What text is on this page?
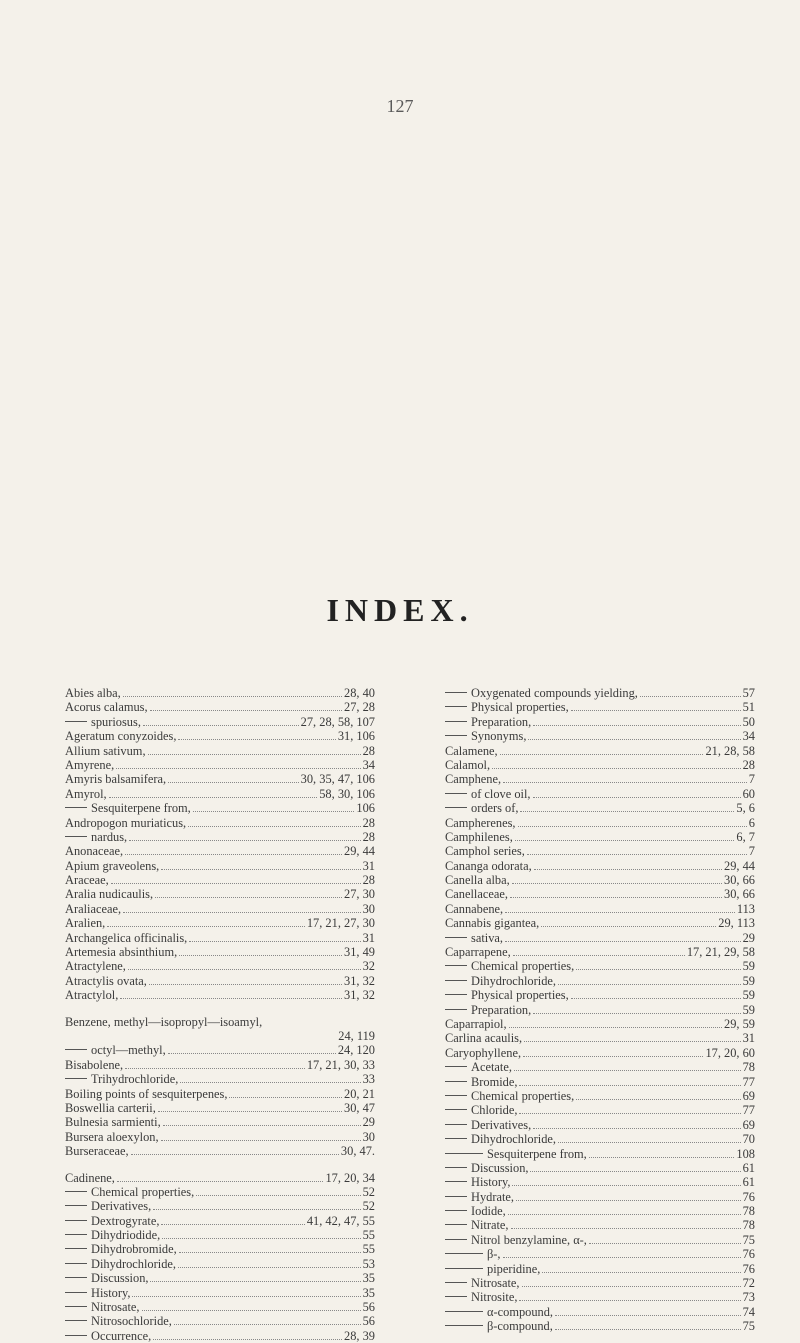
127
INDEX.
Abies alba,	28, 40
Acorus calamus,	27, 28
spuriosus,	27, 28, 58, 107
Ageratum conyzoides,	31, 106
Allium sativum,	28
Amyrene,	34
Amyris balsamifera,	30, 35, 47, 106
Amyrol,	58, 30, 106
Sesquiterpene from,	106
Andropogon muriaticus,	28
nardus,	28
Anonaceae,	29, 44
Apium graveolens,	31
Araceae,	28
Aralia nudicaulis,	27, 30
Araliaceae,	30
Aralien,	17, 21, 27, 30
Archangelica officinalis,	31
Artemesia absinthium,	31, 49
Atractylene,	32
Atractylis ovata,	31, 32
Atractylol,	31, 32
Benzene, methyl—isopropyl—isoamyl,
24, 119
octyl—methyl,	24, 120
Bisabolene,	17, 21, 30, 33
Trihydrochloride,	33
Boiling points of sesquiterpenes,	20, 21
Boswellia carterii,	30, 47
Bulnesia sarmienti,	29
Bursera aloexylon,	30
Burseraceae,	30, 47.
Cadinene,	17, 20, 34
Chemical properties,	52
Derivatives,	52
Dextrogyrate,	41, 42, 47, 55
Dihydriodide,	55
Dihydrobromide,	55
Dihydrochloride,	53
Discussion,	35
History,	35
Nitrosate,	56
Nitrosochloride,	56
Occurrence,	28, 39
Oxygenated compounds yielding,	57
Physical properties,	51
Preparation,	50
Synonyms,	34
Calamene,	21, 28, 58
Calamol,	28
Camphene,	7
of clove oil,	60
orders of,	5, 6
Campherenes,	6
Camphilenes,	6, 7
Camphol series,	7
Cananga odorata,	29, 44
Canella alba,	30, 66
Canellaceae,	30, 66
Cannabene,	113
Cannabis gigantea,	29, 113
sativa,	29
Caparrapene,	17, 21, 29, 58
Chemical properties,	59
Dihydrochloride,	59
Physical properties,	59
Preparation,	59
Caparrapiol,	29, 59
Carlina acaulis,	31
Caryophyllene,	17, 20, 60
Acetate,	78
Bromide,	77
Chemical properties,	69
Chloride,	77
Derivatives,	69
Dihydrochloride,	70
Sesquiterpene from,	108
Discussion,	61
History,	61
Hydrate,	76
Iodide,	78
Nitrate,	78
Nitrol benzylamine, α-,	75
β-,	76
piperidine,	76
Nitrosate,	72
Nitrosite,	73
α-compound,	74
β-compound,	75
